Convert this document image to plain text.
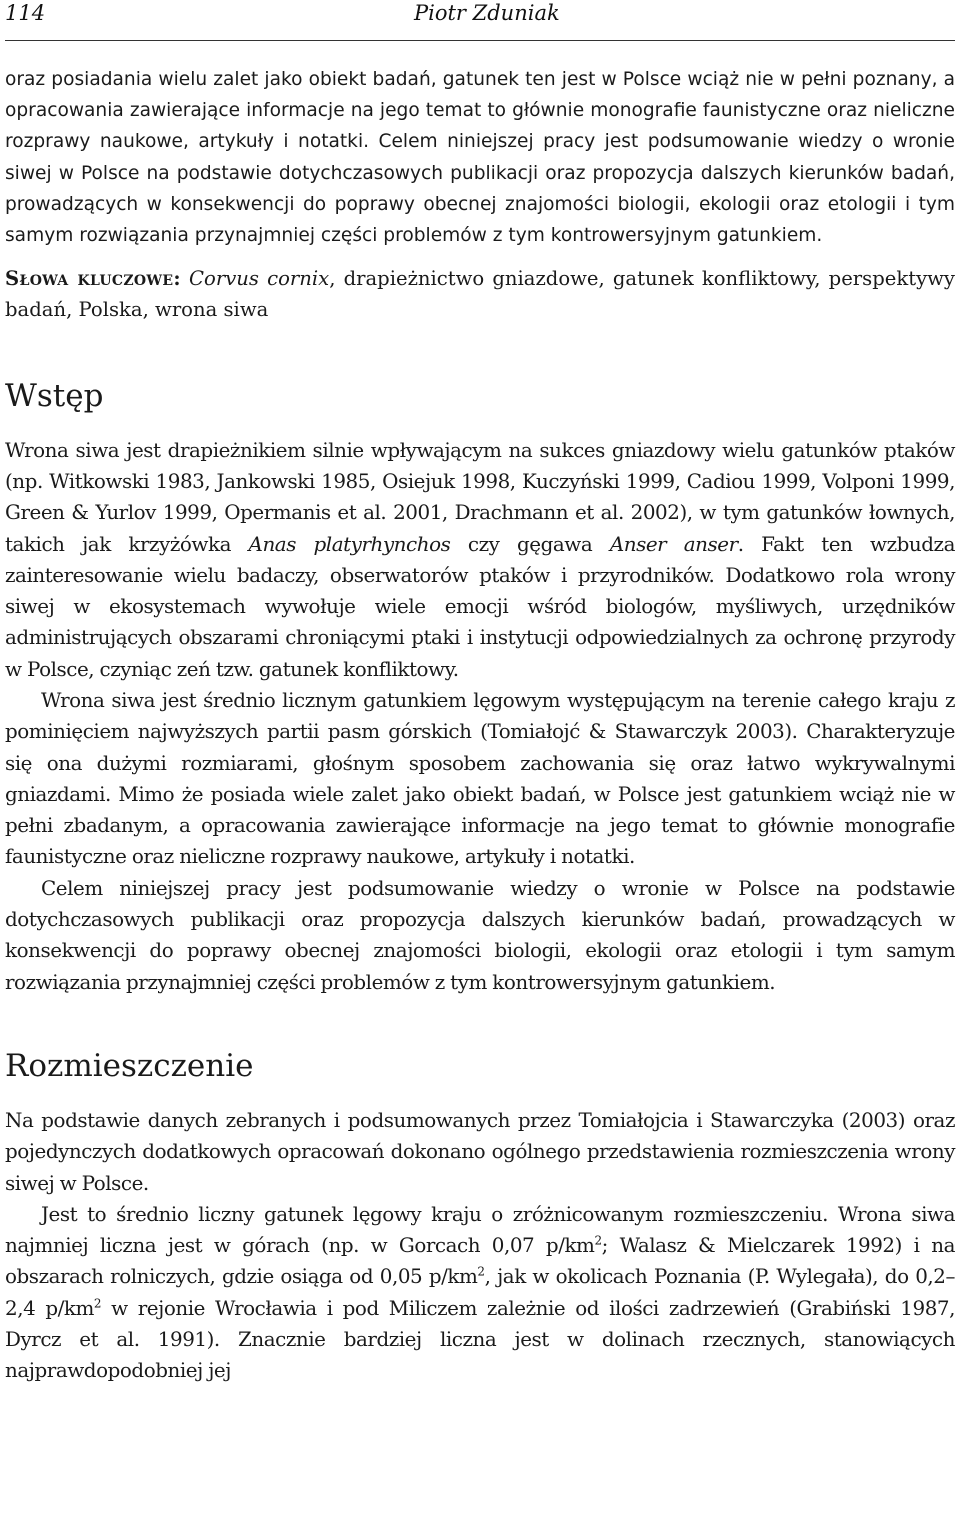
114	Piotr Zduniak

oraz posiadania wielu zalet jako obiekt badań, gatunek ten jest w Polsce wciąż nie w pełni poznany, a opracowania zawierające informacje na jego temat to głównie monografie faunistyczne oraz nieliczne rozprawy naukowe, artykuły i notatki. Celem niniejszej pracy jest podsumowanie wiedzy o wronie siwej w Polsce na podstawie dotychczasowych publikacji oraz propozycja dalszych kierunków badań, prowadzących w konsekwencji do poprawy obecnej znajomości biologii, ekologii oraz etologii i tym samym rozwiązania przynajmniej części problemów z tym kontrowersyjnym gatunkiem.

Słowa kluczowe: Corvus cornix, drapieżnictwo gniazdowe, gatunek konfliktowy, perspektywy badań, Polska, wrona siwa

Wstęp

Wrona siwa jest drapieżnikiem silnie wpływającym na sukces gniazdowy wielu gatunków ptaków (np. Witkowski 1983, Jankowski 1985, Osiejuk 1998, Kuczyński 1999, Cadiou 1999, Volponi 1999, Green & Yurlov 1999, Opermanis et al. 2001, Drachmann et al. 2002), w tym gatunków łownych, takich jak krzyżówka Anas platyrhynchos czy gęgawa Anser anser. Fakt ten wzbudza zainteresowanie wielu badaczy, obserwatorów ptaków i przyrodników. Dodatkowo rola wrony siwej w ekosystemach wywołuje wiele emocji wśród biologów, myśliwych, urzędników administrujących obszarami chroniącymi ptaki i instytucji odpowiedzialnych za ochronę przyrody w Polsce, czyniąc zeń tzw. gatunek konfliktowy.

Wrona siwa jest średnio licznym gatunkiem lęgowym występującym na terenie całego kraju z pominięciem najwyższych partii pasm górskich (Tomiałojć & Stawarczyk 2003). Charakteryzuje się ona dużymi rozmiarami, głośnym sposobem zachowania się oraz łatwo wykrywalnymi gniazdami. Mimo że posiada wiele zalet jako obiekt badań, w Polsce jest gatunkiem wciąż nie w pełni zbadanym, a opracowania zawierające informacje na jego temat to głównie monografie faunistyczne oraz nieliczne rozprawy naukowe, artykuły i notatki.

Celem niniejszej pracy jest podsumowanie wiedzy o wronie w Polsce na podstawie dotychczasowych publikacji oraz propozycja dalszych kierunków badań, prowadzących w konsekwencji do poprawy obecnej znajomości biologii, ekologii oraz etologii i tym samym rozwiązania przynajmniej części problemów z tym kontrowersyjnym gatunkiem.

Rozmieszczenie

Na podstawie danych zebranych i podsumowanych przez Tomiałojcia i Stawarczyka (2003) oraz pojedynczych dodatkowych opracowań dokonano ogólnego przedstawienia rozmieszczenia wrony siwej w Polsce.

Jest to średnio liczny gatunek lęgowy kraju o zróżnicowanym rozmieszczeniu. Wrona siwa najmniej liczna jest w górach (np. w Gorcach 0,07 $p/km^2$; Walasz & Mielczarek 1992) i na obszarach rolniczych, gdzie osiąga od 0,05 $p/km^2$, jak w okolicach Poznania (P. Wylegała), do 0,2–2,4 $p/km^2$ w rejonie Wrocławia i pod Miliczem zależnie od ilości zadrzewień (Grabiński 1987, Dyrcz et al. 1991). Znacznie bardziej liczna jest w dolinach rzecznych, stanowiących najprawdopodobniej jej
